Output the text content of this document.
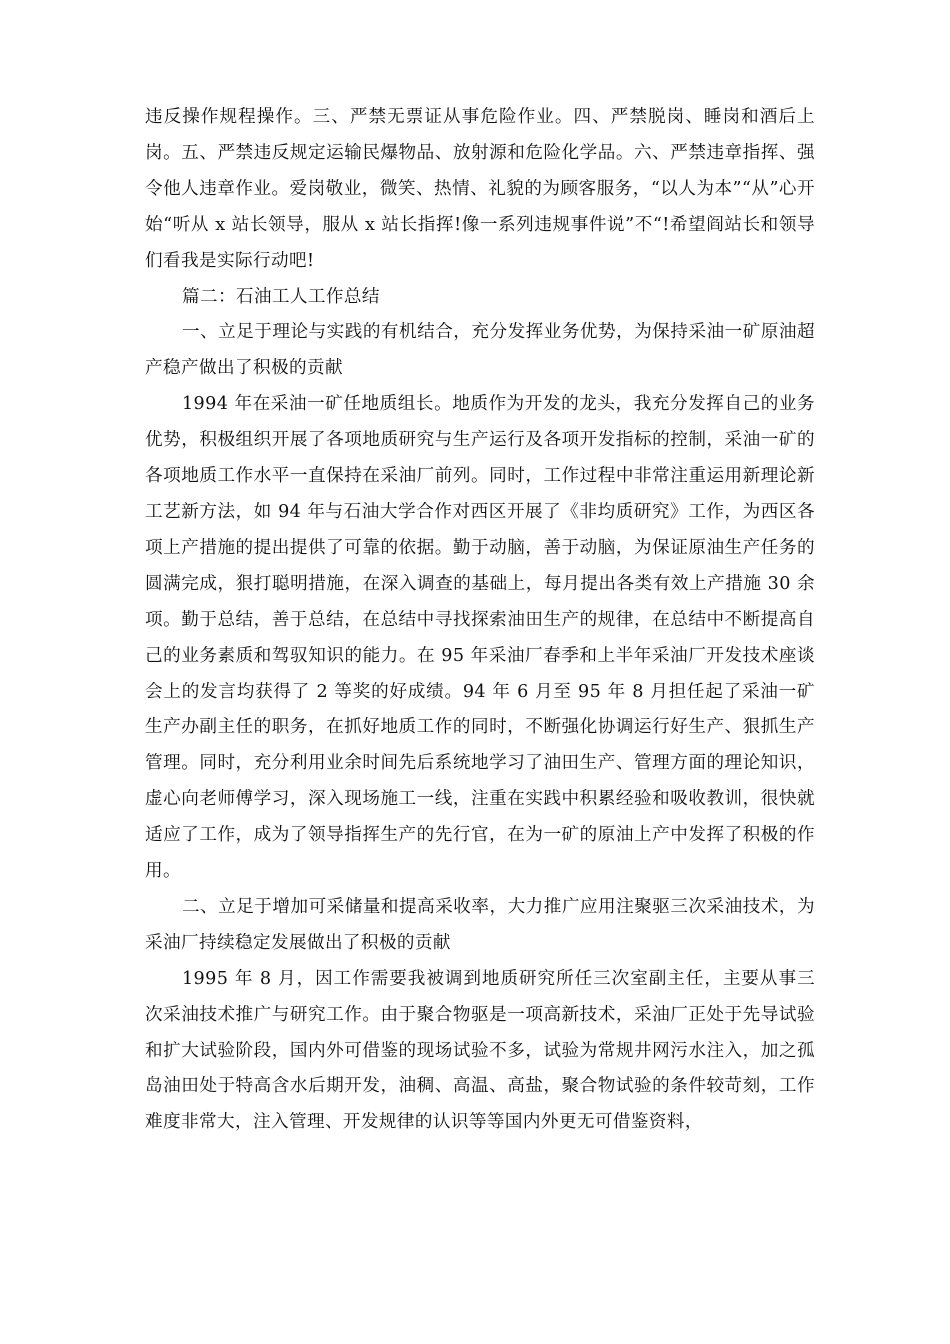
违反操作规程操作。三、严禁无票证从事危险作业。四、严禁脱岗、睡岗和酒后上岗。五、严禁违反规定运输民爆物品、放射源和危险化学品。六、严禁违章指挥、强令他人违章作业。爱岗敬业，微笑、热情、礼貌的为顾客服务，“以人为本”“从”心开始“听从 x 站长领导，服从 x 站长指挥!像一系列违规事件说”不“!希望阎站长和领导们看我是实际行动吧!

篇二：石油工人工作总结

一、立足于理论与实践的有机结合，充分发挥业务优势，为保持采油一矿原油超产稳产做出了积极的贡献

1994 年在采油一矿任地质组长。地质作为开发的龙头，我充分发挥自己的业务优势，积极组织开展了各项地质研究与生产运行及各项开发指标的控制，采油一矿的各项地质工作水平一直保持在采油厂前列。同时，工作过程中非常注重运用新理论新工艺新方法，如 94 年与石油大学合作对西区开展了《非均质研究》工作，为西区各项上产措施的提出提供了可靠的依据。勤于动脑，善于动脑，为保证原油生产任务的圆满完成，狠打聪明措施，在深入调查的基础上，每月提出各类有效上产措施 30 余项。勤于总结，善于总结，在总结中寻找探索油田生产的规律，在总结中不断提高自己的业务素质和驾驭知识的能力。在 95 年采油厂春季和上半年采油厂开发技术座谈会上的发言均获得了 2 等奖的好成绩。94 年 6 月至 95 年 8 月担任起了采油一矿生产办副主任的职务，在抓好地质工作的同时，不断强化协调运行好生产、狠抓生产管理。同时，充分利用业余时间先后系统地学习了油田生产、管理方面的理论知识，虚心向老师傅学习，深入现场施工一线，注重在实践中积累经验和吸收教训，很快就适应了工作，成为了领导指挥生产的先行官，在为一矿的原油上产中发挥了积极的作用。

二、立足于增加可采储量和提高采收率，大力推广应用注聚驱三次采油技术，为采油厂持续稳定发展做出了积极的贡献

1995 年 8 月，因工作需要我被调到地质研究所任三次室副主任，主要从事三次采油技术推广与研究工作。由于聚合物驱是一项高新技术，采油厂正处于先导试验和扩大试验阶段，国内外可借鉴的现场试验不多，试验为常规井网污水注入，加之孤岛油田处于特高含水后期开发，油稠、高温、高盐，聚合物试验的条件较苛刻，工作难度非常大，注入管理、开发规律的认识等等国内外更无可借鉴资料，
